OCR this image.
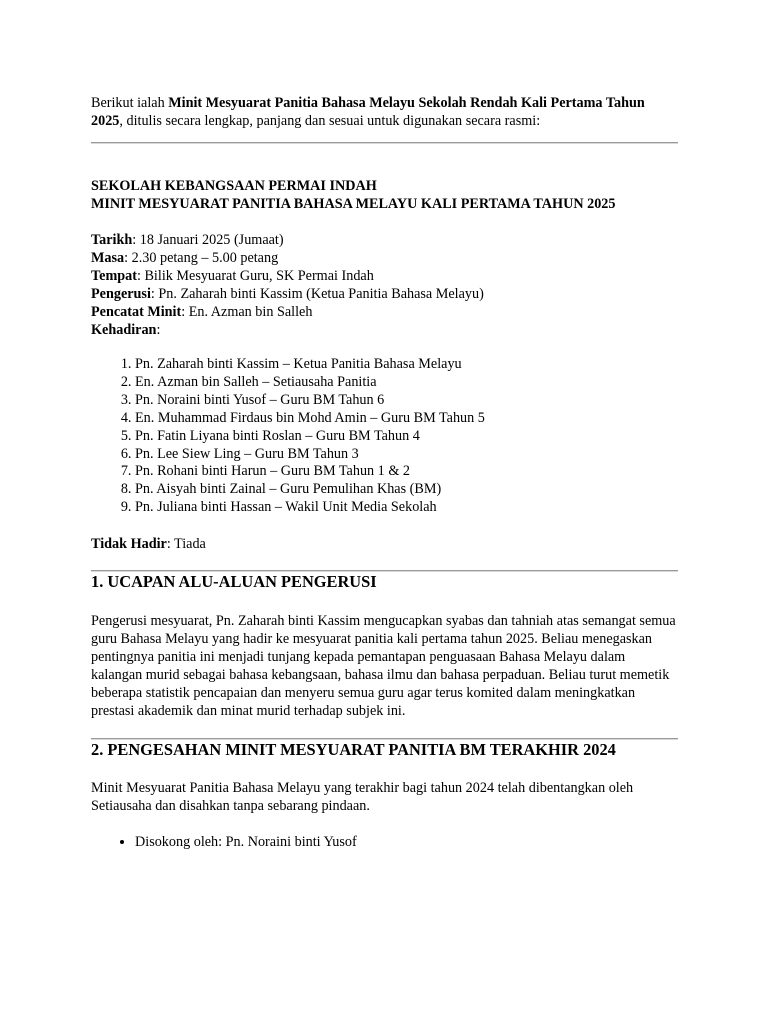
Berikut ialah Minit Mesyuarat Panitia Bahasa Melayu Sekolah Rendah Kali Pertama Tahun 2025, ditulis secara lengkap, panjang dan sesuai untuk digunakan secara rasmi:

SEKOLAH KEBANGSAAN PERMAI INDAH
MINIT MESYUARAT PANITIA BAHASA MELAYU KALI PERTAMA TAHUN 2025
Tarikh: 18 Januari 2025 (Jumaat)
Masa: 2.30 petang – 5.00 petang
Tempat: Bilik Mesyuarat Guru, SK Permai Indah
Pengerusi: Pn. Zaharah binti Kassim (Ketua Panitia Bahasa Melayu)
Pencatat Minit: En. Azman bin Salleh
Kehadiran:
1. Pn. Zaharah binti Kassim – Ketua Panitia Bahasa Melayu
2. En. Azman bin Salleh – Setiausaha Panitia
3. Pn. Noraini binti Yusof – Guru BM Tahun 6
4. En. Muhammad Firdaus bin Mohd Amin – Guru BM Tahun 5
5. Pn. Fatin Liyana binti Roslan – Guru BM Tahun 4
6. Pn. Lee Siew Ling – Guru BM Tahun 3
7. Pn. Rohani binti Harun – Guru BM Tahun 1 & 2
8. Pn. Aisyah binti Zainal – Guru Pemulihan Khas (BM)
9. Pn. Juliana binti Hassan – Wakil Unit Media Sekolah
Tidak Hadir: Tiada
1. UCAPAN ALU-ALUAN PENGERUSI

Pengerusi mesyuarat, Pn. Zaharah binti Kassim mengucapkan syabas dan tahniah atas semangat semua guru Bahasa Melayu yang hadir ke mesyuarat panitia kali pertama tahun 2025. Beliau menegaskan pentingnya panitia ini menjadi tunjang kepada pemantapan penguasaan Bahasa Melayu dalam kalangan murid sebagai bahasa kebangsaan, bahasa ilmu dan bahasa perpaduan. Beliau turut memetik beberapa statistik pencapaian dan menyeru semua guru agar terus komited dalam meningkatkan prestasi akademik dan minat murid terhadap subjek ini.

2. PENGESAHAN MINIT MESYUARAT PANITIA BM TERAKHIR 2024

Minit Mesyuarat Panitia Bahasa Melayu yang terakhir bagi tahun 2024 telah dibentangkan oleh Setiausaha dan disahkan tanpa sebarang pindaan.

• Disokong oleh: Pn. Noraini binti Yusof
